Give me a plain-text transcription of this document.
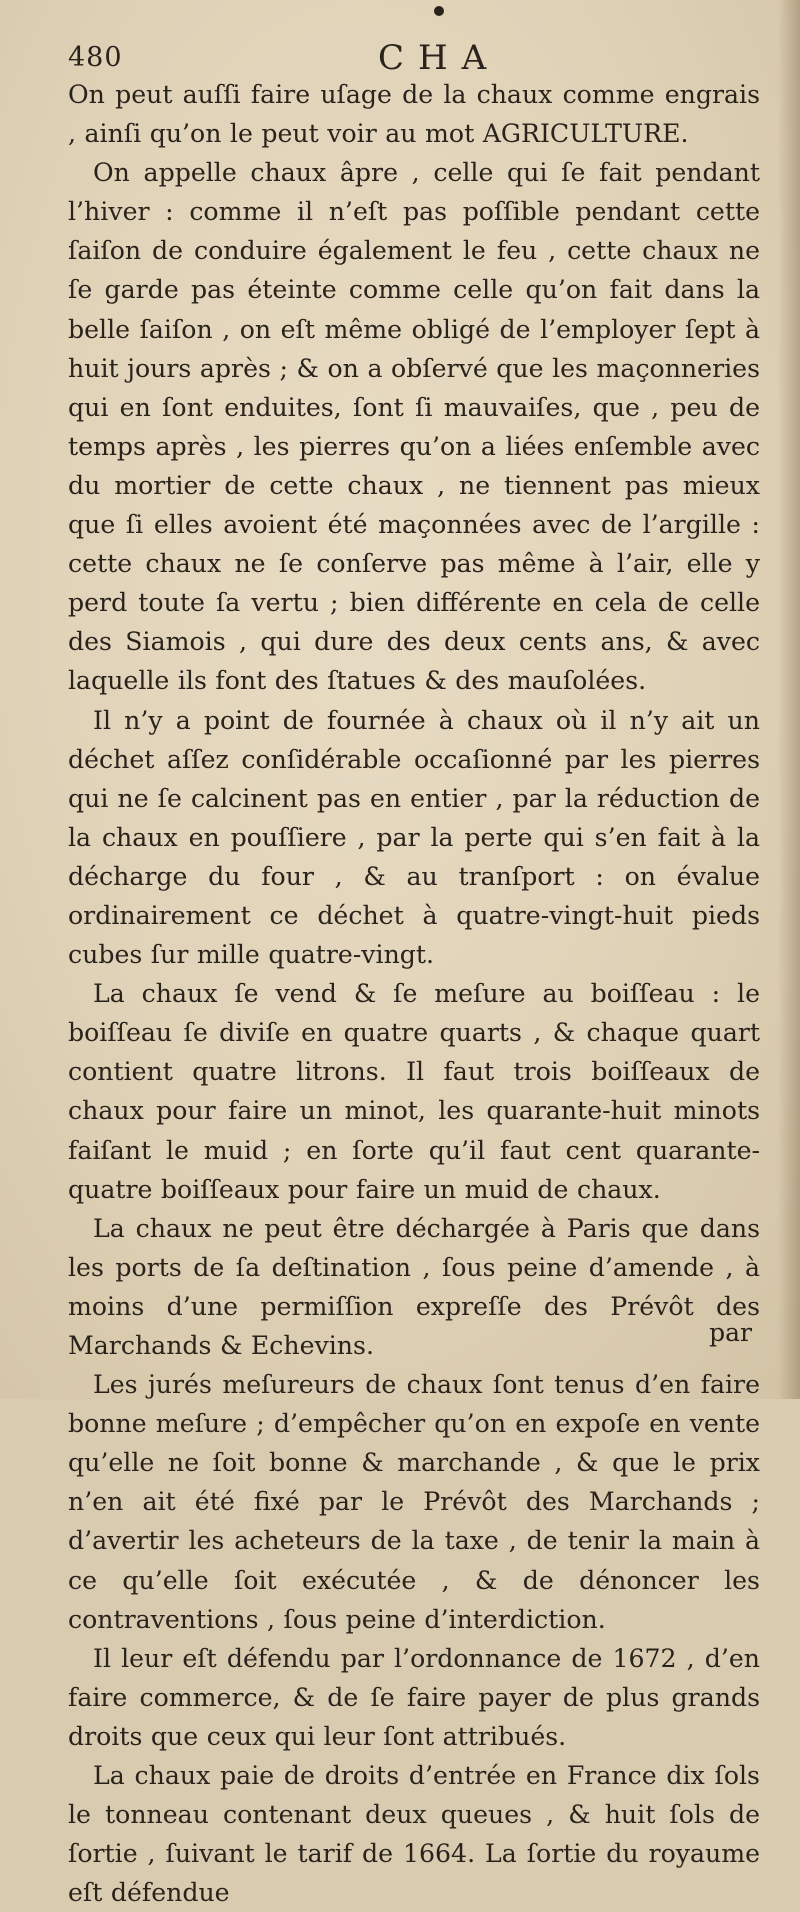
480	CHA

On peut auſſi faire uſage de la chaux comme engrais , ainſi qu’on le peut voir au mot AGRICULTURE.

On appelle chaux âpre , celle qui ſe fait pendant l’hiver : comme il n’eſt pas poſſible pendant cette ſaiſon de conduire également le feu , cette chaux ne ſe garde pas éteinte comme celle qu’on fait dans la belle ſaiſon , on eſt même obligé de l’employer ſept à huit jours après ; & on a obſervé que les maçonneries qui en ſont enduites, ſont ſi mauvaiſes, que , peu de temps après , les pierres qu’on a liées enſemble avec du mortier de cette chaux , ne tiennent pas mieux que ſi elles avoient été maçonnées avec de l’argille : cette chaux ne ſe conſerve pas même à l’air, elle y perd toute ſa vertu ; bien différente en cela de celle des Siamois , qui dure des deux cents ans, & avec laquelle ils font des ſtatues & des mauſolées.

Il n’y a point de fournée à chaux où il n’y ait un déchet aſſez conſidérable occaſionné par les pierres qui ne ſe calcinent pas en entier , par la réduction de la chaux en pouſſiere , par la perte qui s’en fait à la décharge du four , & au tranſport : on évalue ordinairement ce déchet à quatre-vingt-huit pieds cubes ſur mille quatre-vingt.

La chaux ſe vend & ſe meſure au boiſſeau : le boiſſeau ſe diviſe en quatre quarts , & chaque quart contient quatre litrons. Il faut trois boiſſeaux de chaux pour faire un minot, les quarante-huit minots faiſant le muid ; en ſorte qu’il faut cent quarante-quatre boiſſeaux pour faire un muid de chaux.

La chaux ne peut être déchargée à Paris que dans les ports de ſa deſtination , ſous peine d’amende , à moins d’une permiſſion expreſſe des Prévôt des Marchands & Echevins.

Les jurés meſureurs de chaux ſont tenus d’en faire bonne meſure ; d’empêcher qu’on en expoſe en vente qu’elle ne ſoit bonne & marchande , & que le prix n’en ait été fixé par le Prévôt des Marchands ; d’avertir les acheteurs de la taxe , de tenir la main à ce qu’elle ſoit exécutée , & de dénoncer les contraventions , ſous peine d’interdiction.

Il leur eſt défendu par l’ordonnance de 1672 , d’en faire commerce, & de ſe faire payer de plus grands droits que ceux qui leur ſont attribués.

La chaux paie de droits d’entrée en France dix ſols le tonneau contenant deux queues , & huit ſols de ſortie , ſuivant le tarif de 1664. La ſortie du royaume eſt défendue

par
